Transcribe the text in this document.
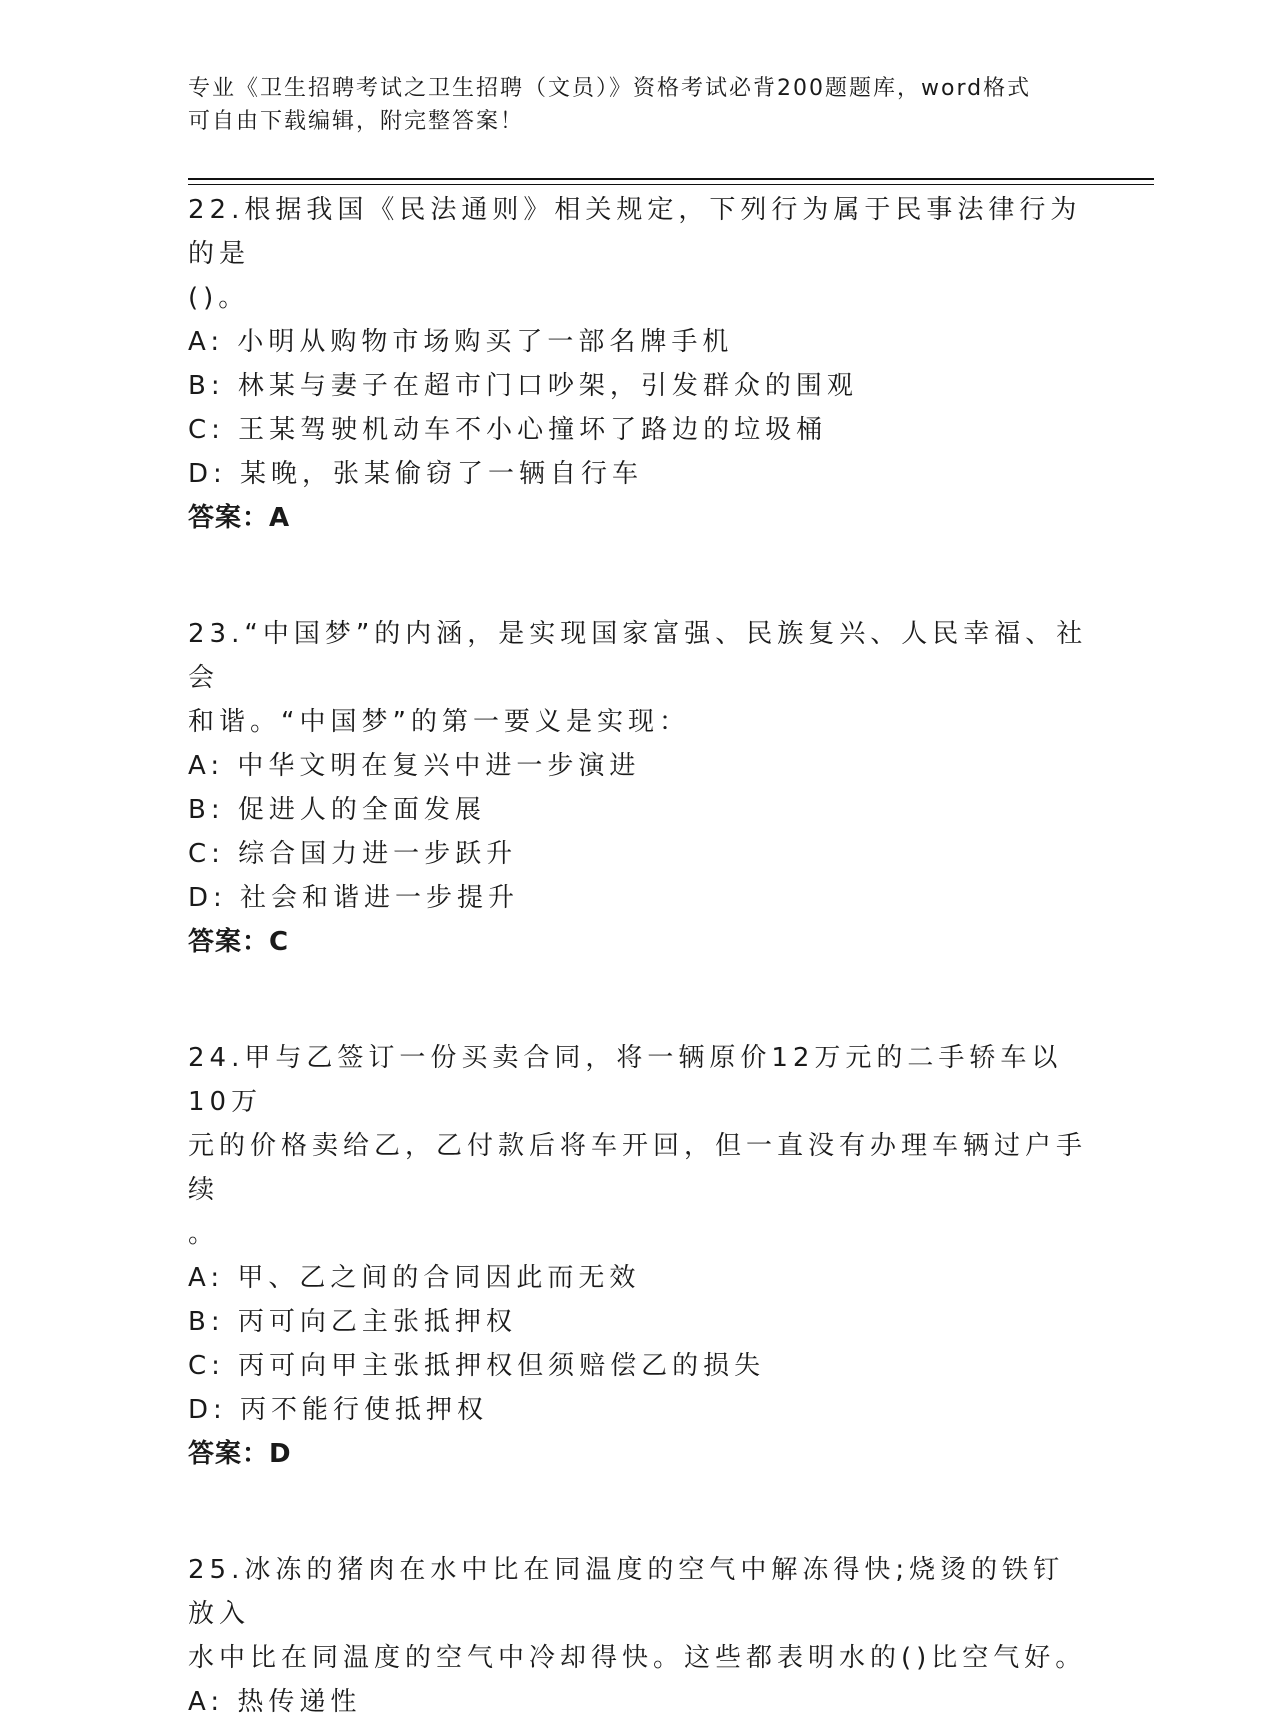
专业《卫生招聘考试之卫生招聘（文员）》资格考试必背200题题库，word格式
可自由下载编辑，附完整答案！

22.根据我国《民法通则》相关规定，下列行为属于民事法律行为的是

()。

A: 小明从购物市场购买了一部名牌手机

B: 林某与妻子在超市门口吵架，引发群众的围观

C: 王某驾驶机动车不小心撞坏了路边的垃圾桶

D: 某晚，张某偷窃了一辆自行车

答案：A

23.“中国梦”的内涵，是实现国家富强、民族复兴、人民幸福、社会

和谐。“中国梦”的第一要义是实现：

A: 中华文明在复兴中进一步演进

B: 促进人的全面发展

C: 综合国力进一步跃升

D: 社会和谐进一步提升

答案：C

24.甲与乙签订一份买卖合同，将一辆原价12万元的二手轿车以10万

元的价格卖给乙，乙付款后将车开回，但一直没有办理车辆过户手续

。

A: 甲、乙之间的合同因此而无效

B: 丙可向乙主张抵押权

C: 丙可向甲主张抵押权但须赔偿乙的损失

D: 丙不能行使抵押权

答案：D

25.冰冻的猪肉在水中比在同温度的空气中解冻得快;烧烫的铁钉放入

水中比在同温度的空气中冷却得快。这些都表明水的()比空气好。

A: 热传递性
